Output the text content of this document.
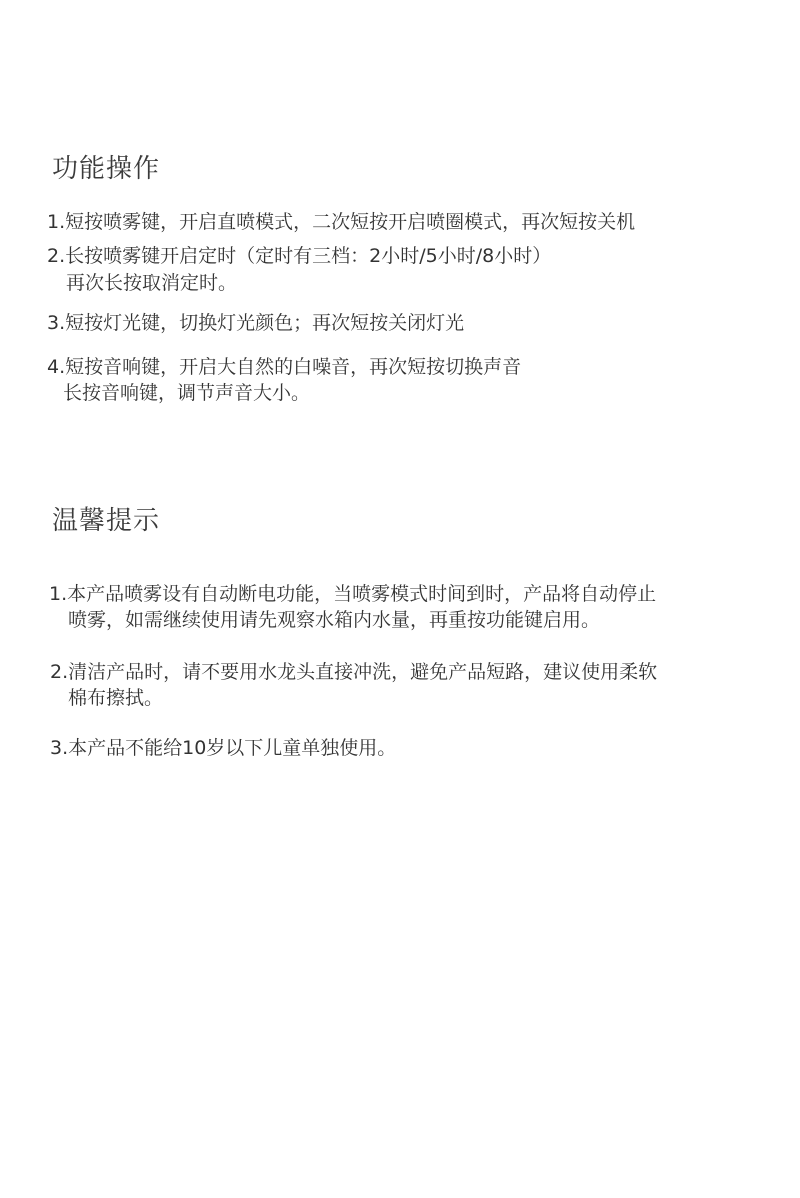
功能操作
1.短按喷雾键，开启直喷模式，二次短按开启喷圈模式，再次短按关机
2.长按喷雾键开启定时（定时有三档：2小时/5小时/8小时）
再次长按取消定时。
3.短按灯光键，切换灯光颜色；再次短按关闭灯光
4.短按音响键，开启大自然的白噪音，再次短按切换声音
长按音响键，调节声音大小。
温馨提示
1.本产品喷雾设有自动断电功能，当喷雾模式时间到时，产品将自动停止
喷雾，如需继续使用请先观察水箱内水量，再重按功能键启用。
2.清洁产品时，请不要用水龙头直接冲洗，避免产品短路，建议使用柔软
棉布擦拭。
3.本产品不能给10岁以下儿童单独使用。
